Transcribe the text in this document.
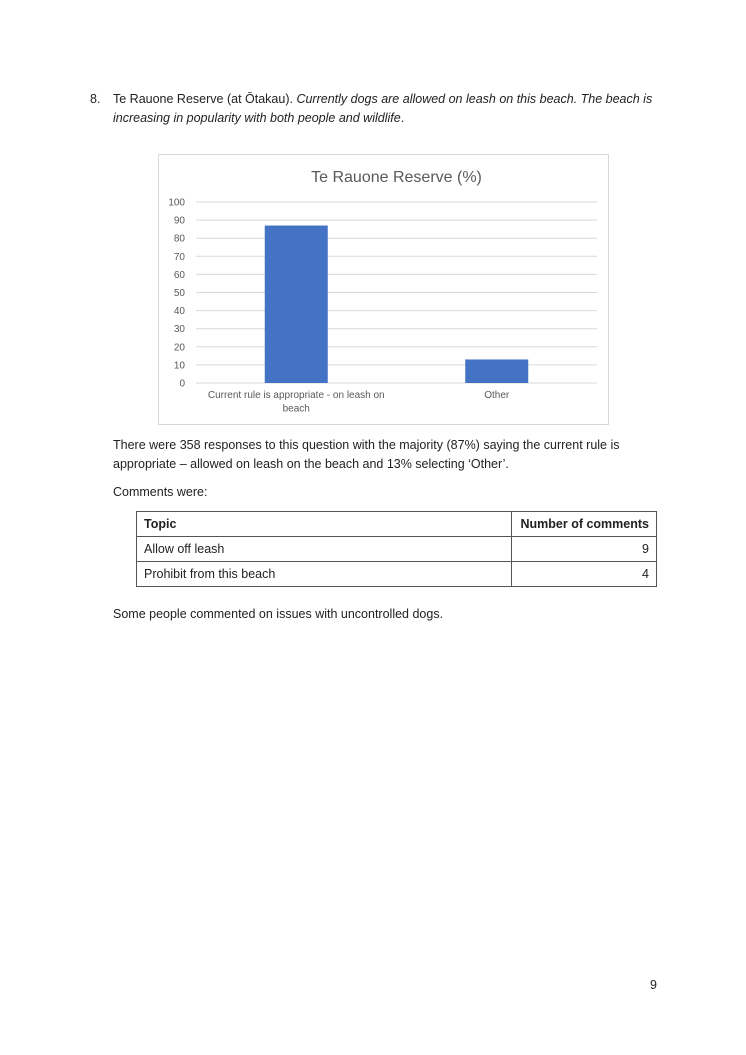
8. Te Rauone Reserve (at Ōtakau). Currently dogs are allowed on leash on this beach. The beach is
increasing in popularity with both people and wildlife.
Te Rauone Reserve (%)
0
10
20
30
40
50
60
70
80
90
100
Current rule is appropriate - on leash on
beach
Other
There were 358 responses to this question with the majority (87%) saying the current rule is
appropriate – allowed on leash on the beach and 13% selecting ‘Other’.
Comments were:
Topic	Number of comments
Allow off leash	9
Prohibit from this beach	4
Some people commented on issues with uncontrolled dogs.
9
